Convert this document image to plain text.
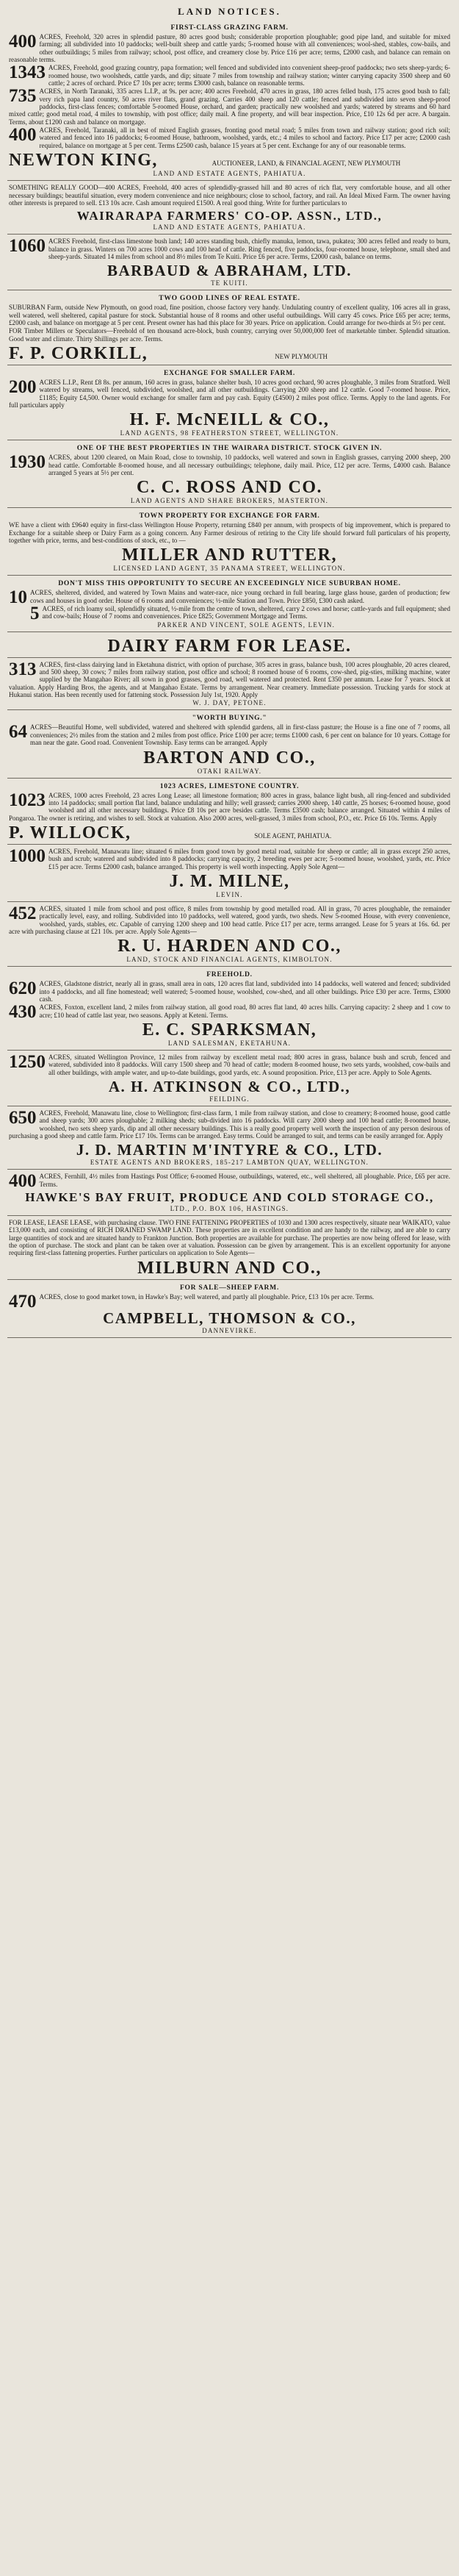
LAND NOTICES.
FIRST-CLASS GRAZING FARM.
400 ACRES, Freehold, 320 acres in splendid pasture, 80 acres good bush; considerable proportion ploughable; good pipe land, and suitable for mixed farming; all subdivided into 10 paddocks; well-built sheep and cattle yards; 5-roomed house with all conveniences; wool-shed, stables, cow-bails, and other outbuildings; 5 miles from railway; school, post office, and creamery close by. Price £16 per acre; terms, £2000 cash, and balance can remain on reasonable terms.
1343 ACRES, Freehold, good grazing country, papa formation; well fenced and subdivided into convenient sheep-proof paddocks; two sets sheep-yards; 6-roomed house, two woolsheds, cattle yards, and dip; situate 7 miles from township and railway station; winter carrying capacity 3500 sheep and 60 cattle; 2 acres of orchard. Price £7 10s per acre; terms £3000 cash, balance on reasonable terms.
735 ACRES, in North Taranaki, 335 acres L.I.P., at 9s. per acre; 400 acres Freehold, 470 acres in grass, 180 acres felled bush, 175 acres good bush to fall; very rich papa land country, 50 acres river flats, grand grazing. Carries 400 sheep and 120 cattle; fenced and subdivided into seven sheep-proof paddocks, first-class fences; comfortable 5-roomed House, orchard, and garden; practically new woolshed and yards; watered by streams and 60 hard mixed cattle; good metal road, 4 miles to township, with post office; daily mail. A fine property, and will bear inspection. Price, £10 12s 6d per acre. A bargain. Terms, about £1200 cash and balance on mortgage.
400 ACRES, Freehold, Taranaki, all in best of mixed English grasses, fronting good metal road; 5 miles from town and railway station; good rich soil; watered and fenced into 16 paddocks; 6-roomed House, bathroom, woolshed, yards, etc.; 4 miles to school and factory. Price £17 per acre; £2000 cash required, balance on mortgage at 5 per cent. Terms £2500 cash, balance 15 years at 5 per cent. Exchange for any of our reasonable terms.
NEWTON KING,	AUCTIONEER, LAND, & FINANCIAL AGENT, NEW PLYMOUTH
LAND AND ESTATE AGENTS, PAHIATUA.
SOMETHING REALLY GOOD—400 ACRES, Freehold, 400 acres of splendidly-grassed hill and 80 acres of rich flat, very comfortable house, and all other necessary buildings; beautiful situation, every modern convenience and nice neighbours; close to school, factory, and rail. An Ideal Mixed Farm. The owner having other interests is prepared to sell. £13 10s acre. Cash amount required £1500. A real good thing. Write for further particulars to
WAIRARAPA FARMERS' CO-OP. ASSN., LTD.,
LAND AND ESTATE AGENTS, PAHIATUA.
1060 ACRES Freehold, first-class limestone bush land; 140 acres standing bush, chiefly manuka, lemon, tawa, pukatea; 300 acres felled and ready to burn, balance in grass. Winters on 700 acres 1000 cows and 100 head of cattle. Ring fenced, five paddocks, four-roomed house, telephone, small shed and sheep-yards. Situated 14 miles from school and 8½ miles from Te Kuiti. Price £6 per acre. Terms, £2000 cash, balance on terms.
BARBAUD & ABRAHAM, LTD.
TE KUITI.
TWO GOOD LINES OF REAL ESTATE.
SUBURBAN Farm, outside New Plymouth, on good road, fine position, choose factory very handy. Undulating country of excellent quality, 106 acres all in grass, well watered, well sheltered, capital pasture for stock. Substantial house of 8 rooms and other useful outbuildings. Will carry 45 cows. Price £65 per acre; terms, £2000 cash, and balance on mortgage at 5 per cent. Present owner has had this place for 30 years. Price on application. Could arrange for two-thirds at 5½ per cent.
FOR Timber Millers or Speculators—Freehold of ten thousand acre-block, bush country, carrying over 50,000,000 feet of marketable timber. Splendid situation. Good water and climate. Thirty Shillings per acre. Terms.
F. P. CORKILL,	NEW PLYMOUTH
EXCHANGE FOR SMALLER FARM.
200 ACRES L.I.P., Rent £8 8s. per annum, 160 acres in grass, balance shelter bush, 10 acres good orchard, 90 acres ploughable, 3 miles from Stratford. Well watered by streams, well fenced, subdivided, woolshed, and all other outbuildings. Carrying 200 sheep and 12 cattle. Good 7-roomed house. Price, £1185; Equity £4,500. Owner would exchange for smaller farm and pay cash. Equity (£4500) 2 miles post office. Terms. Apply to the land agents. For full particulars apply
H. F. McNEILL & CO.,
LAND AGENTS, 98 FEATHERSTON STREET, WELLINGTON.
ONE OF THE BEST PROPERTIES IN THE WAIRARA DISTRICT. STOCK GIVEN IN.
1930 ACRES, about 1200 cleared, on Main Road, close to township, 10 paddocks, well watered and sown in English grasses, carrying 2000 sheep, 200 head cattle. Comfortable 8-roomed house, and all necessary outbuildings; telephone, daily mail. Price, £12 per acre. Terms, £4000 cash. Balance arranged 5 years at 5½ per cent.
C. C. ROSS AND CO.
LAND AGENTS AND SHARE BROKERS, MASTERTON.
TOWN PROPERTY FOR EXCHANGE FOR FARM.
WE have a client with £9640 equity in first-class Wellington House Property, returning £840 per annum, with prospects of big improvement, which is prepared to Exchange for a suitable sheep or Dairy Farm as a going concern. Any Farmer desirous of retiring to the City life should forward full particulars of his property, together with price, terms, and best-conditions of stock, etc., to —
MILLER AND RUTTER,
LICENSED LAND AGENT, 35 PANAMA STREET, WELLINGTON.
DON'T MISS THIS OPPORTUNITY TO SECURE AN EXCEEDINGLY NICE SUBURBAN HOME.
10 ACRES, sheltered, divided, and watered by Town Mains and water-race, nice young orchard in full bearing, large glass house, garden of production; few cows and houses in good order. House of 6 rooms and conveniences; ½-mile Station and Town. Price £850, £300 cash asked.
5 ACRES, of rich loamy soil, splendidly situated, ½-mile from the centre of town, sheltered, carry 2 cows and horse; cattle-yards and full equipment; shed and cow-bails; House of 7 rooms and conveniences. Price £825; Government Mortgage and Terms.
PARKER AND VINCENT, SOLE AGENTS, LEVIN.
DAIRY FARM FOR LEASE.
313 ACRES, first-class dairying land in Eketahuna district, with option of purchase, 305 acres in grass, balance bush, 100 acres ploughable, 20 acres cleared, and 500 sheep, 30 cows; 7 miles from railway station, post office and school; 8 roomed house of 6 rooms, cow-shed, pig-sties, milking machine, water supplied by the Mangahao River; all sown in good grasses, good road, well watered and protected. Rent £350 per annum. Lease for 7 years. Stock at valuation. Apply Harding Bros, the agents, and at Mangahao Estate. Terms by arrangement. Near creamery. Immediate possession. Trucking yards for stock at Hukanui station. Has been recently used for fattening stock. Possession July 1st, 1920. Apply
W. J. DAY, PETONE.
"WORTH BUYING."
64 ACRES—Beautiful Home, well subdivided, watered and sheltered with splendid gardens, all in first-class pasture; the House is a fine one of 7 rooms, all conveniences; 2½ miles from the station and 2 miles from post office. Price £100 per acre; terms £1000 cash, 6 per cent on balance for 10 years. Cottage for man near the gate. Good road. Convenient Township. Easy terms can be arranged. Apply
BARTON AND CO.,
OTAKI RAILWAY.
1023 ACRES, LIMESTONE COUNTRY.
1023 ACRES, 1000 acres Freehold, 23 acres Long Lease; all limestone formation; 800 acres in grass, balance light bush, all ring-fenced and subdivided into 14 paddocks; small portion flat land, balance undulating and hilly; well grassed; carries 2000 sheep, 140 cattle, 25 horses; 6-roomed house, good woolshed and all other necessary buildings. Price £8 10s per acre besides cattle. Terms £3500 cash; balance arranged. Situated within 4 miles of Pongaroa. The owner is retiring, and wishes to sell. Stock at valuation. Also 2000 acres, well-grassed, 3 miles from school, P.O., etc. Price £6 10s. Terms. Apply
P. WILLOCK,	SOLE AGENT, PAHIATUA.
1000 ACRES, Freehold, Manawatu line; situated 6 miles from good town by good metal road, suitable for sheep or cattle; all in grass except 250 acres, bush and scrub; watered and subdivided into 8 paddocks; carrying capacity, 2 breeding ewes per acre; 5-roomed house, woolshed, yards, etc. Price £15 per acre. Terms £2000 cash, balance arranged. This property is well worth inspecting. Apply Sole Agent—
J. M. MILNE,
LEVIN.
452 ACRES, situated 1 mile from school and post office, 8 miles from township by good metalled road. All in grass, 70 acres ploughable, the remainder practically level, easy, and rolling. Subdivided into 10 paddocks, well watered, good yards, two sheds. New 5-roomed House, with every convenience, woolshed, yards, stables, etc. Capable of carrying 1200 sheep and 100 head cattle. Price £17 per acre, terms arranged. Lease for 5 years at 16s. 6d. per acre with purchasing clause at £21 10s. per acre. Apply Sole Agents—
R. U. HARDEN AND CO.,
LAND, STOCK AND FINANCIAL AGENTS, KIMBOLTON.
FREEHOLD.
620 ACRES, Gladstone district, nearly all in grass, small area in oats, 120 acres flat land, subdivided into 14 paddocks, well watered and fenced; subdivided into 4 paddocks, and all fine homestead; well watered; 5-roomed house, woolshed, cow-shed, and all other buildings. Price £30 per acre. Terms, £3000 cash.
430 ACRES, Foxton, excellent land, 2 miles from railway station, all good road, 80 acres flat land, 40 acres hills. Carrying capacity: 2 sheep and 1 cow to acre; £10 head of cattle last year, two seasons. Apply at Keteni. Terms.
E. C. SPARKSMAN,
LAND SALESMAN, EKETAHUNA.
1250 ACRES, situated Wellington Province, 12 miles from railway by excellent metal road; 800 acres in grass, balance bush and scrub, fenced and watered, subdivided into 8 paddocks. Will carry 1500 sheep and 70 head of cattle; modern 8-roomed house, two sets yards, woolshed, cow-bails and all other buildings, with ample water, and up-to-date buildings, good yards, etc. A sound proposition. Price, £13 per acre. Apply to Sole Agents.
A. H. ATKINSON & CO., LTD.,
FEILDING.
650 ACRES, Freehold, Manawatu line, close to Wellington; first-class farm, 1 mile from railway station, and close to creamery; 8-roomed house, good cattle and sheep yards; 300 acres ploughable; 2 milking sheds; sub-divided into 16 paddocks. Will carry 2000 sheep and 100 head cattle; 8-roomed house, woolshed, two sets sheep yards, dip and all other necessary buildings. This is a really good property well worth the inspection of any person desirous of purchasing a good sheep and cattle farm. Price £17 10s. Terms can be arranged. Easy terms. Could be arranged to suit, and terms can be easily arranged for. Apply
J. D. MARTIN M'INTYRE & CO., LTD.
ESTATE AGENTS AND BROKERS, 185-217 LAMBTON QUAY, WELLINGTON.
400 ACRES, Fernhill, 4½ miles from Hastings Post Office; 6-roomed House, outbuildings, watered, etc., well sheltered, all ploughable. Price, £65 per acre. Terms.
HAWKE'S BAY FRUIT, PRODUCE AND COLD STORAGE CO.,
LTD., P.O. BOX 106, HASTINGS.
FOR LEASE, LEASE LEASE, with purchasing clause. TWO FINE FATTENING PROPERTIES of 1030 and 1300 acres respectively, situate near WAIKATO, value £13,000 each, and consisting of RICH DRAINED SWAMP LAND. These properties are in excellent condition and are handy to the railway, and are able to carry large quantities of stock and are situated handy to Frankton Junction. Both properties are available for purchase. The properties are now being offered for lease, with the option of purchase. The stock and plant can be taken over at valuation. Possession can be given by arrangement. This is an excellent opportunity for anyone requiring first-class fattening properties. Further particulars on application to Sole Agents—
MILBURN AND CO.,
FOR SALE—SHEEP FARM.
470 ACRES, close to good market town, in Hawke's Bay; well watered, and partly all ploughable. Price, £13 10s per acre. Terms.
CAMPBELL, THOMSON & CO.,
DANNEVIRKE.
